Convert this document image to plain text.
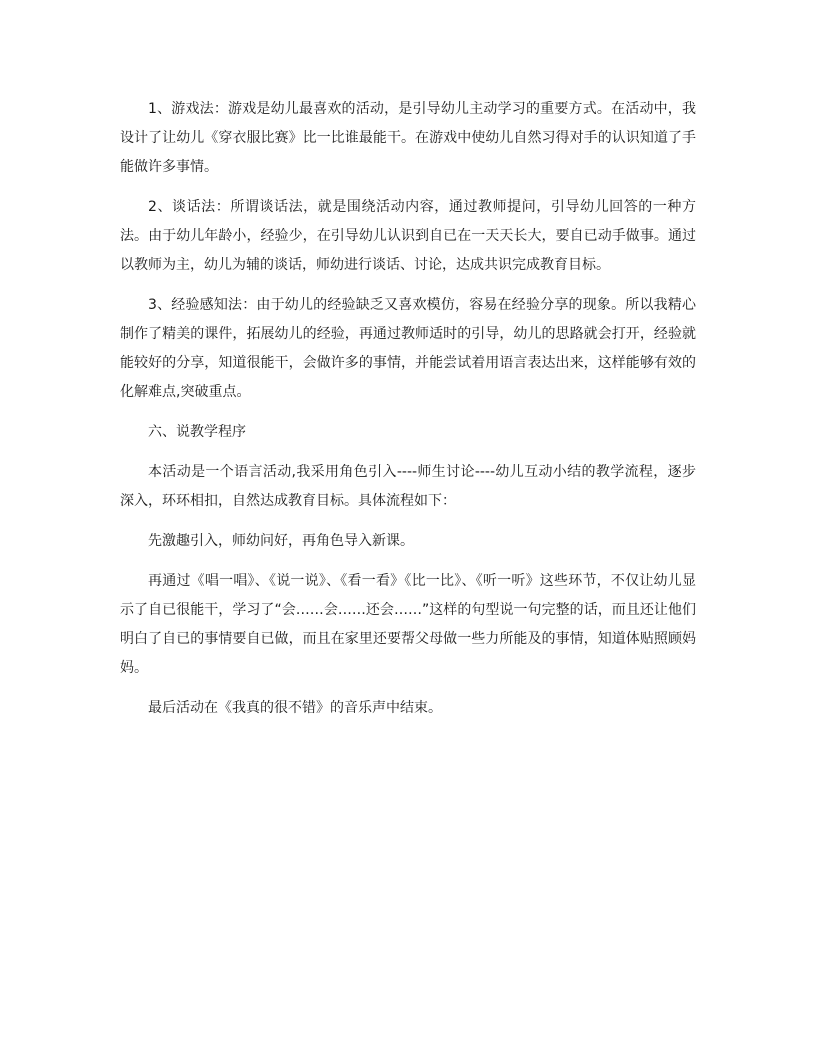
1、游戏法：游戏是幼儿最喜欢的活动，是引导幼儿主动学习的重要方式。在活动中，我设计了让幼儿《穿衣服比赛》比一比谁最能干。在游戏中使幼儿自然习得对手的认识知道了手能做许多事情。

2、谈话法：所谓谈话法，就是围绕活动内容，通过教师提问，引导幼儿回答的一种方法。由于幼儿年龄小，经验少，在引导幼儿认识到自已在一天天长大，要自已动手做事。通过以教师为主，幼儿为辅的谈话，师幼进行谈话、讨论，达成共识完成教育目标。

3、经验感知法：由于幼儿的经验缺乏又喜欢模仿，容易在经验分享的现象。所以我精心制作了精美的课件，拓展幼儿的经验，再通过教师适时的引导，幼儿的思路就会打开，经验就能较好的分享，知道很能干，会做许多的事情，并能尝试着用语言表达出来，这样能够有效的化解难点,突破重点。

六、说教学程序

本活动是一个语言活动,我采用角色引入----师生讨论----幼儿互动小结的教学流程，逐步深入，环环相扣，自然达成教育目标。具体流程如下：

先激趣引入，师幼问好，再角色导入新课。

再通过《唱一唱》、《说一说》、《看一看》《比一比》、《听一听》这些环节，不仅让幼儿显示了自已很能干，学习了“会……会……还会……”这样的句型说一句完整的话，而且还让他们明白了自已的事情要自已做，而且在家里还要帮父母做一些力所能及的事情，知道体贴照顾妈妈。

最后活动在《我真的很不错》的音乐声中结束。
